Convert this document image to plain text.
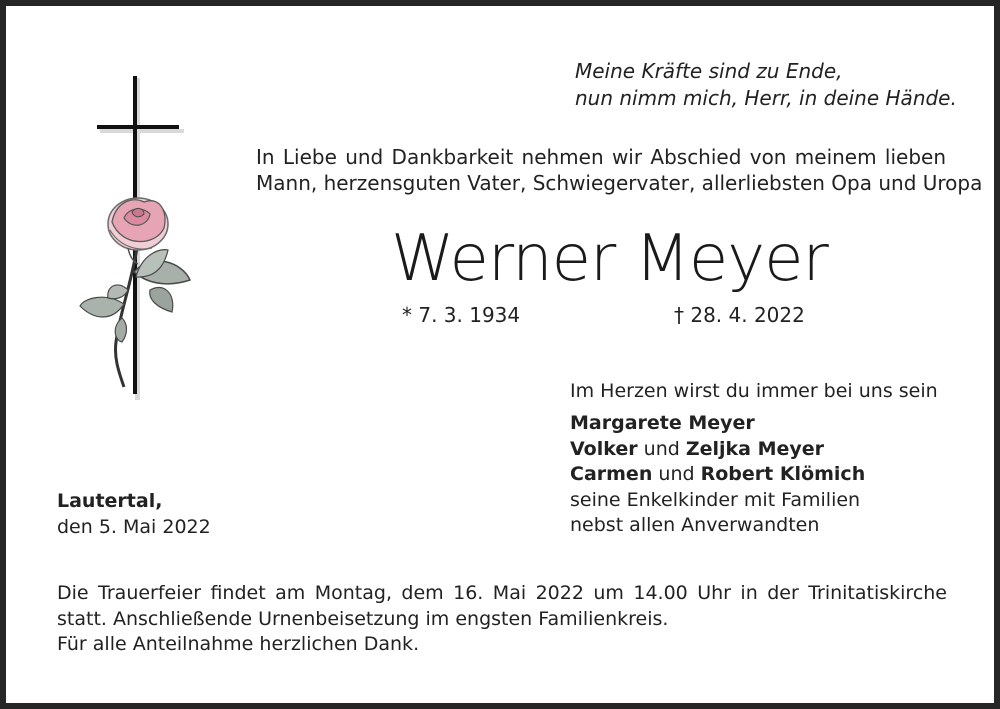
Meine Kräfte sind zu Ende,
nun nimm mich, Herr, in deine Hände.
In Liebe und Dankbarkeit nehmen wir Abschied von meinem lieben
Mann, herzensguten Vater, Schwiegervater, allerliebsten Opa und Uropa
Werner Meyer
* 7. 3. 1934	† 28. 4. 2022
Im Herzen wirst du immer bei uns sein
Margarete Meyer
Volker und Zeljka Meyer
Carmen und Robert Klömich
seine Enkelkinder mit Familien
nebst allen Anverwandten
Lautertal,
den 5. Mai 2022
Die Trauerfeier findet am Montag, dem 16. Mai 2022 um 14.00 Uhr in der Trinitatiskirche
statt. Anschließende Urnenbeisetzung im engsten Familienkreis.
Für alle Anteilnahme herzlichen Dank.
